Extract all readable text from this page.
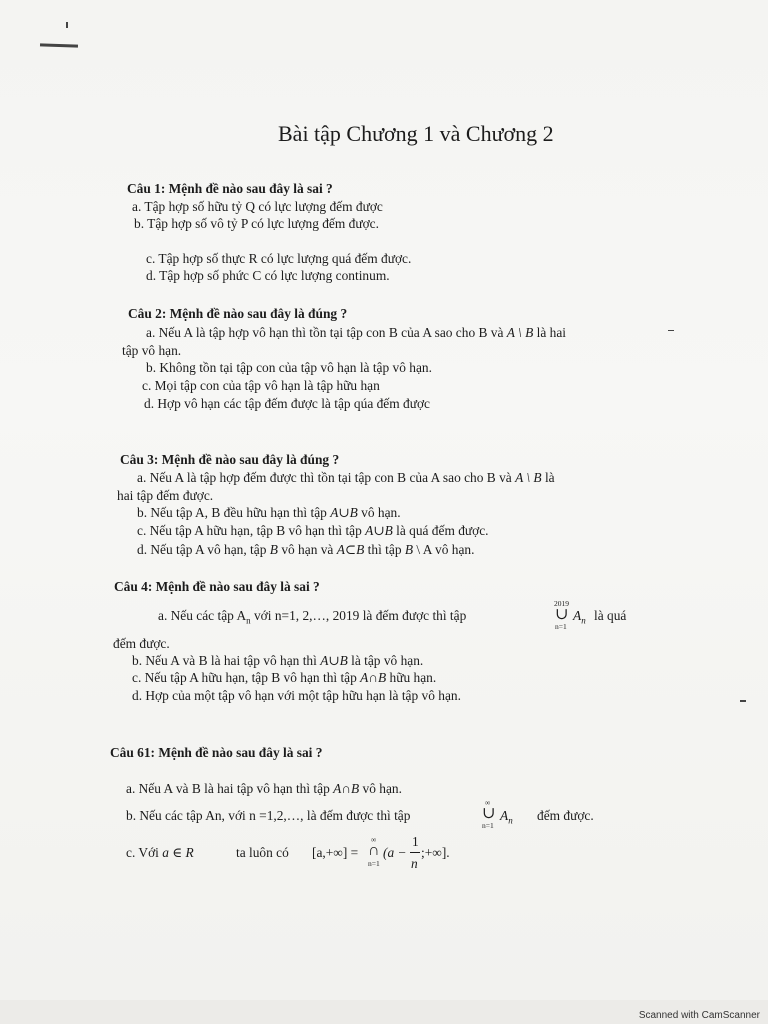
Bài tập Chương 1 và Chương 2
Câu 1: Mệnh đề nào sau đây là sai ?
a. Tập hợp số hữu tỷ Q có lực lượng đếm được
b. Tập hợp số vô tỷ P có lực lượng đếm được.
c. Tập hợp số thực R có lực lượng quá đếm được.
d. Tập hợp số phức C có lực lượng continum.
Câu 2: Mệnh đề nào sau đây là đúng ?
a. Nếu A là tập hợp vô hạn thì tồn tại tập con B của A sao cho B và A \ B là hai
tập vô hạn.
b. Không tồn tại tập con của tập vô hạn là tập vô hạn.
c. Mọi tập con của tập vô hạn là tập hữu hạn
d. Hợp vô hạn các tập đếm được là tập qúa đếm được
Câu 3: Mệnh đề nào sau đây là đúng ?
a. Nếu A là tập hợp đếm được thì tồn tại tập con B của A sao cho B và A \ B là
hai tập đếm được.
b. Nếu tập A, B đều hữu hạn thì tập A∪B vô hạn.
c. Nếu tập A hữu hạn, tập B vô hạn thì tập A∪B là quá đếm được.
d. Nếu tập A vô hạn, tập B vô hạn và A⊂B thì tập B \ A vô hạn.
Câu 4: Mệnh đề nào sau đây là sai ?
a. Nếu các tập $A_n$ với n=1, 2,…, 2019 là đếm được thì tập
2019
∪
n=1
$A_n$ là quá
đếm được.
b. Nếu A và B là hai tập vô hạn thì A∪B là tập vô hạn.
c. Nếu tập A hữu hạn, tập B vô hạn thì tập A∩B hữu hạn.
d. Hợp của một tập vô hạn với một tập hữu hạn là tập vô hạn.
Câu 61: Mệnh đề nào sau đây là sai ?
a. Nếu A và B là hai tập vô hạn thì tập A∩B vô hạn.
b. Nếu các tập An, với n =1,2,…, là đếm được thì tập
∞
∪
n=1
$A_n$ đếm được.
c. Với a ∈ R	ta luôn có [a,+∞] =
∞
∩
n=1
(a −
1
n
;+∞].
Scanned with CamScanner
